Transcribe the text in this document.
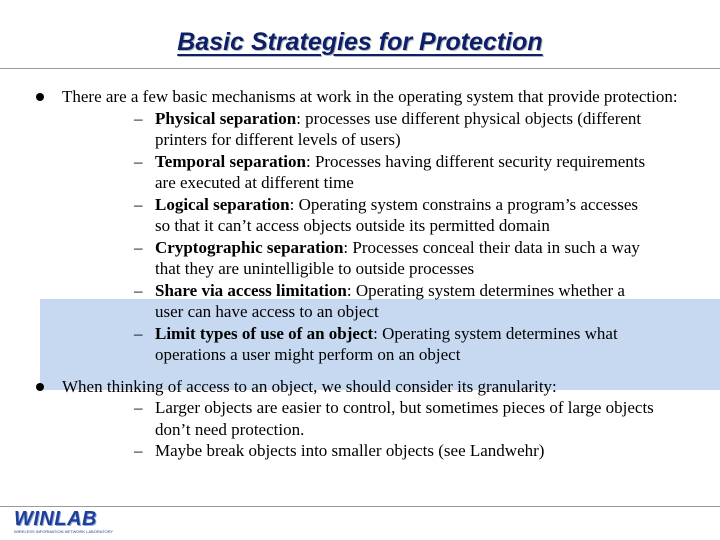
Basic Strategies for Protection
There are a few basic mechanisms at work in the operating system that provide protection:
– Physical separation: processes use different physical objects (different printers for different levels of users)
– Temporal separation: Processes having different security requirements are executed at different time
– Logical separation: Operating system constrains a program’s accesses so that it can’t access objects outside its permitted domain
– Cryptographic separation: Processes conceal their data in such a way that they are unintelligible to outside processes
– Share via access limitation: Operating system determines whether a user can have access to an object
– Limit types of use of an object: Operating system determines what operations a user might perform on an object
When thinking of access to an object, we should consider its granularity:
– Larger objects are easier to control, but sometimes pieces of large objects don’t need protection.
– Maybe break objects into smaller objects (see Landwehr)
WINLAB
WIRELESS INFORMATION NETWORK LABORATORY
